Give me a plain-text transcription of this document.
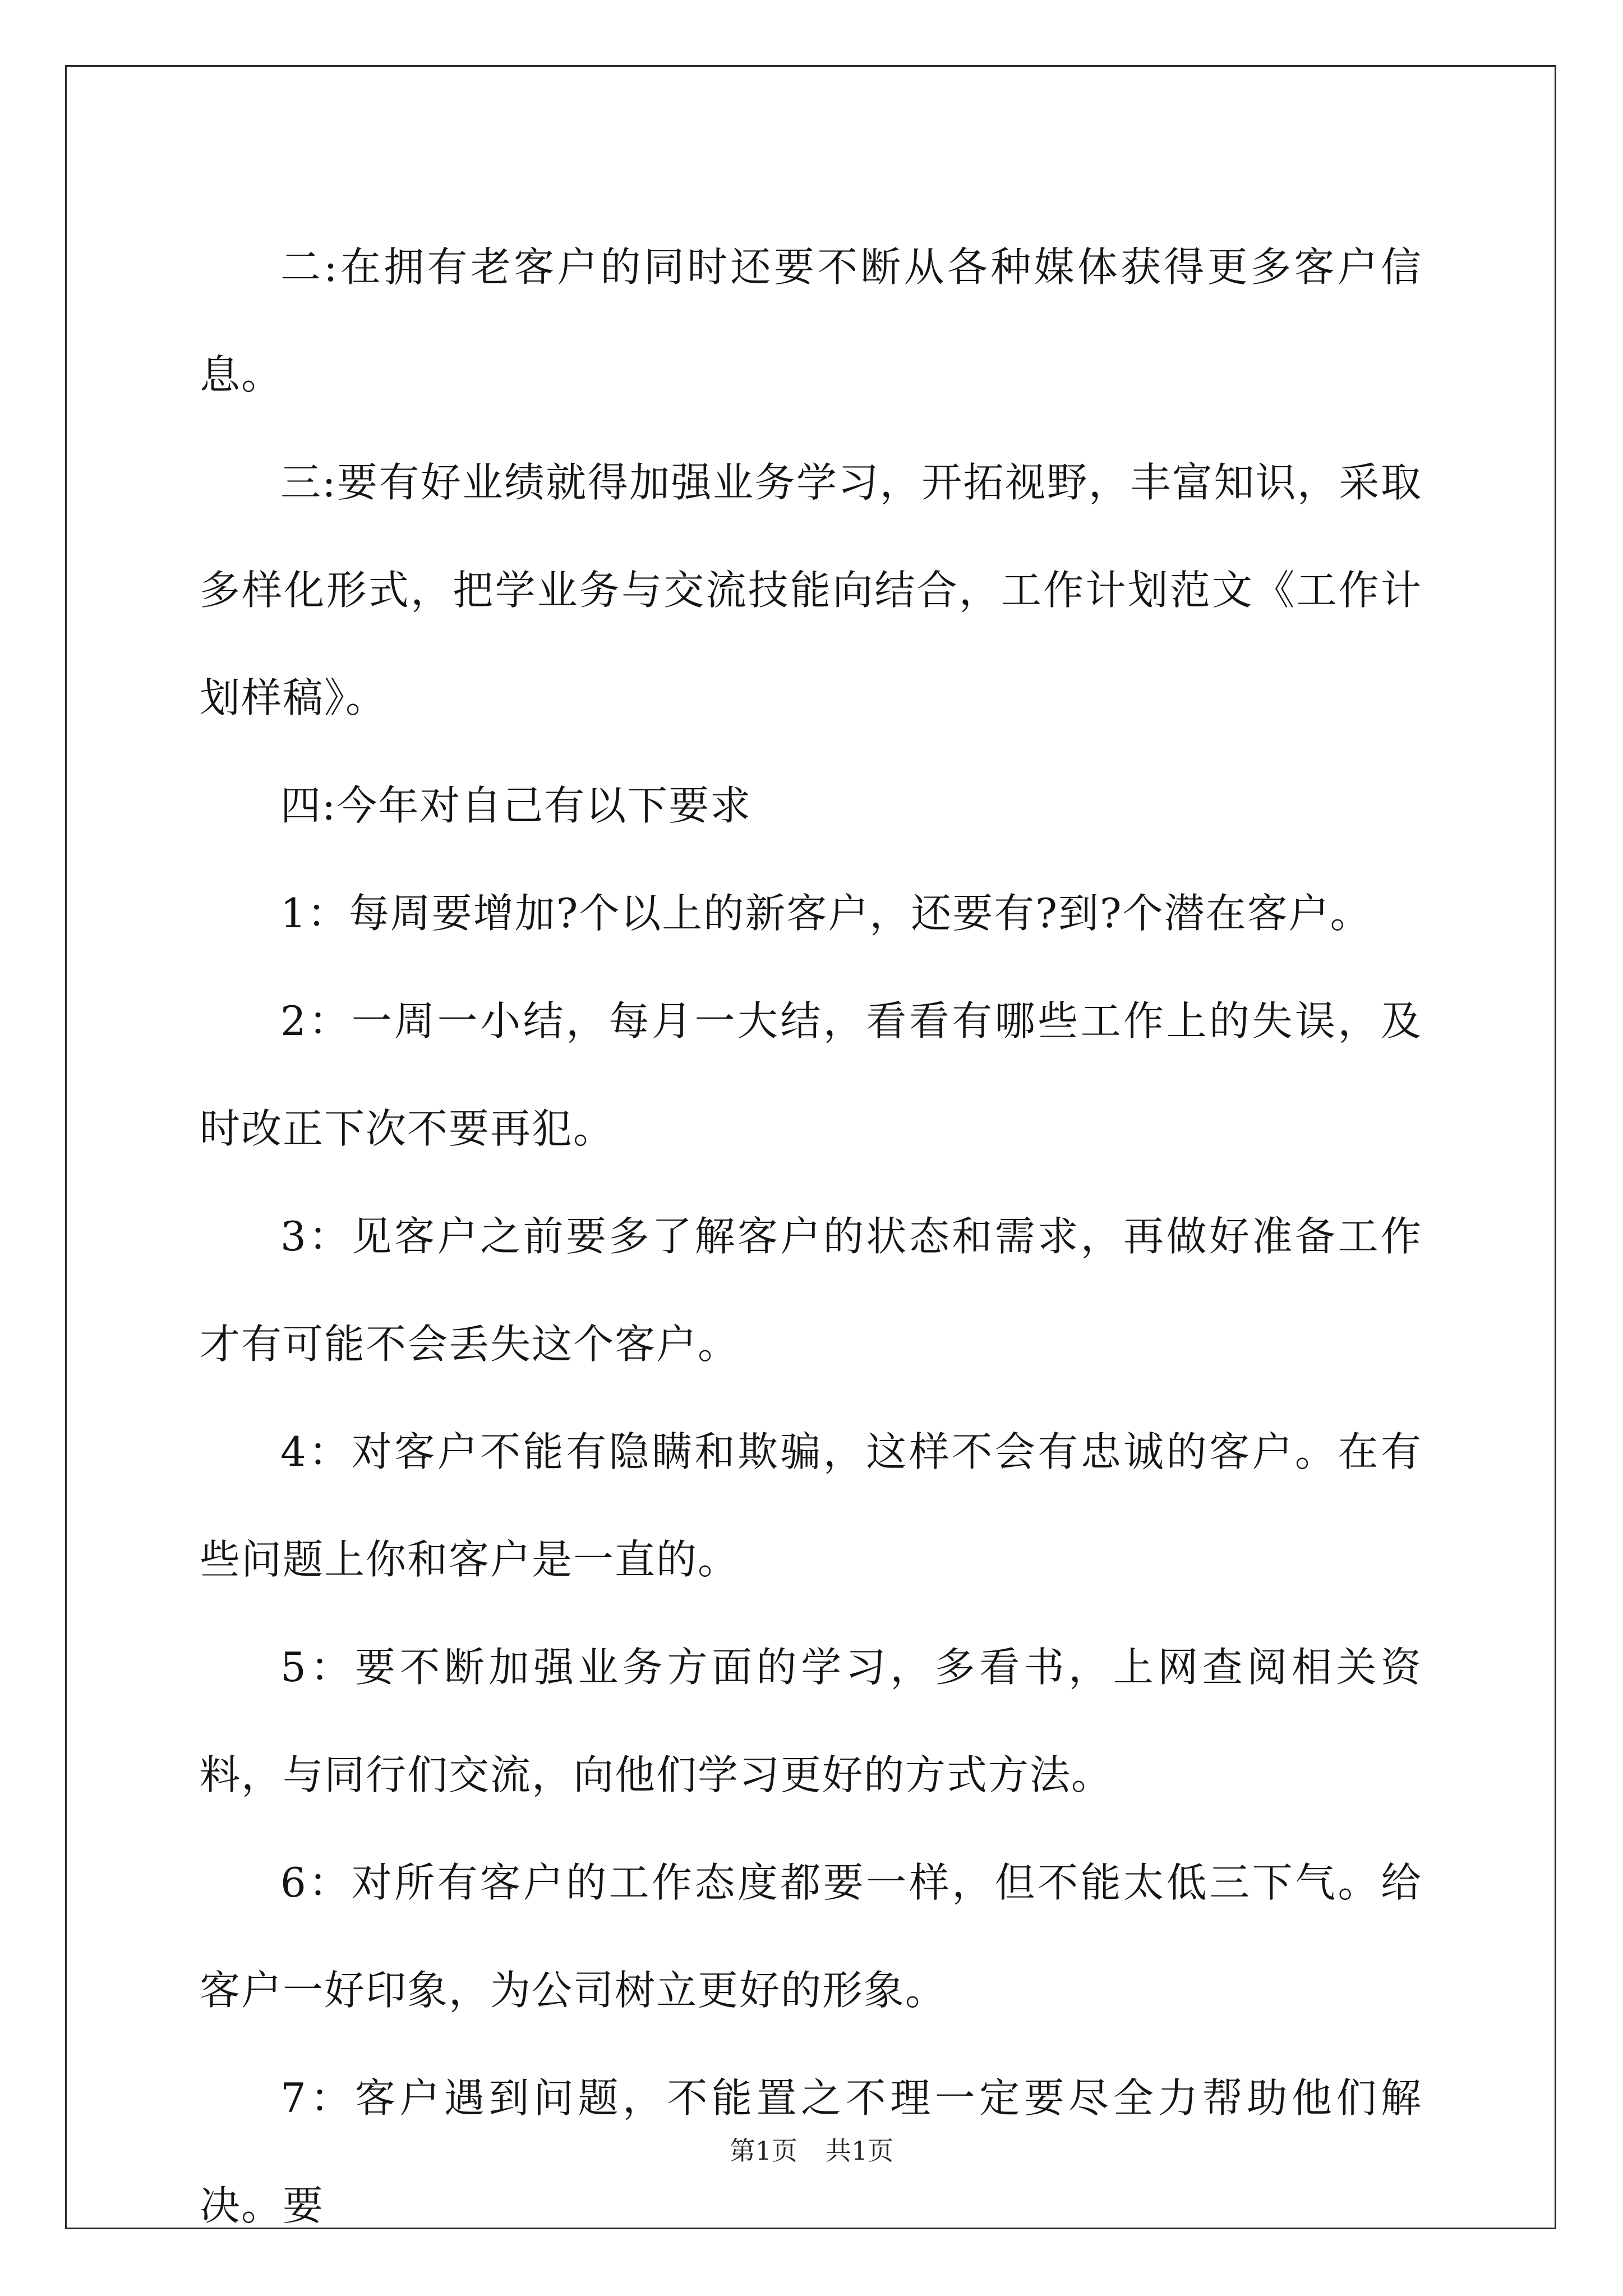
二:在拥有老客户的同时还要不断从各种媒体获得更多客户信息。

三:要有好业绩就得加强业务学习，开拓视野，丰富知识，采取多样化形式，把学业务与交流技能向结合，工作计划范文《工作计划样稿》。

四:今年对自己有以下要求

1：每周要增加?个以上的新客户，还要有?到?个潜在客户。

2：一周一小结，每月一大结，看看有哪些工作上的失误，及时改正下次不要再犯。

3：见客户之前要多了解客户的状态和需求，再做好准备工作才有可能不会丢失这个客户。

4：对客户不能有隐瞒和欺骗，这样不会有忠诚的客户。在有些问题上你和客户是一直的。

5：要不断加强业务方面的学习，多看书，上网查阅相关资料，与同行们交流，向他们学习更好的方式方法。

6：对所有客户的工作态度都要一样，但不能太低三下气。给客户一好印象，为公司树立更好的形象。

7：客户遇到问题，不能置之不理一定要尽全力帮助他们解决。要

第1页 共1页
